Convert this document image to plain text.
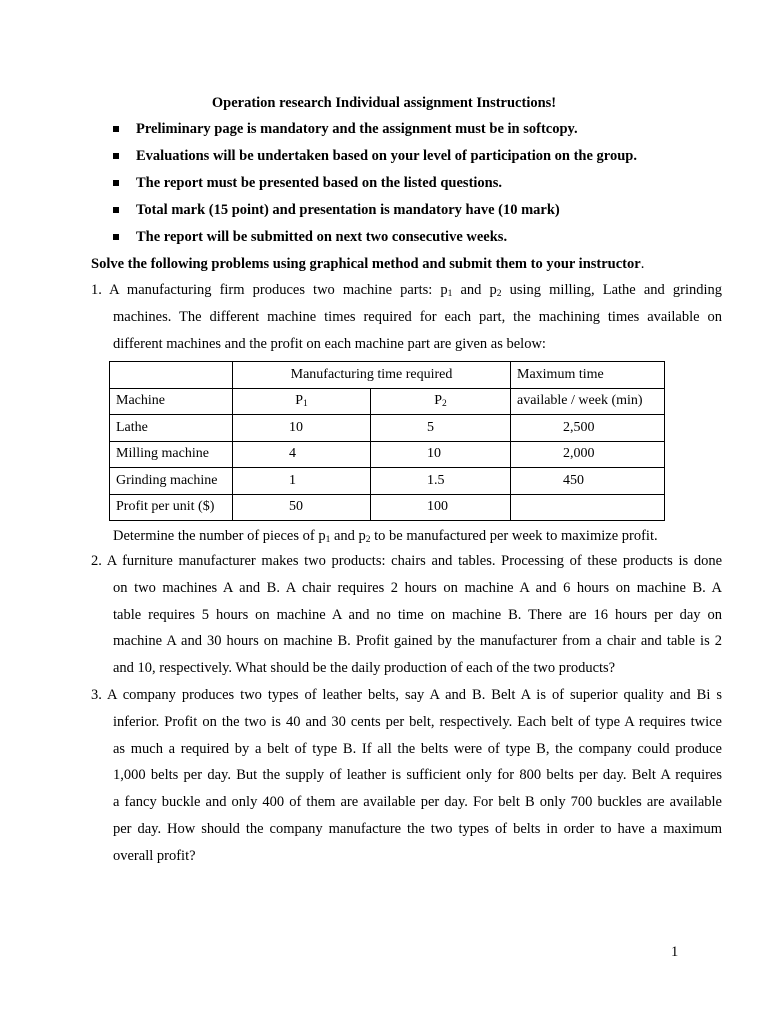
Operation research Individual assignment Instructions!
Preliminary page is mandatory and the assignment must be in softcopy.
Evaluations will be undertaken based on your level of participation on the group.
The report must be presented based on the listed questions.
Total mark (15 point) and presentation is mandatory have (10 mark)
The report will be submitted on next two consecutive weeks.
Solve the following problems using graphical method and submit them to your instructor.
1. A manufacturing firm produces two machine parts: $p_1$ and $p_2$ using milling, Lathe and grinding
machines. The different machine times required for each part, the machining times available on
different machines and the profit on each machine part are given as below:
	Manufacturing time required		Maximum time
Machine	$P_1$	$P_2$	available / week (min)
Lathe	10	5	2,500
Milling machine	4	10	2,000
Grinding machine	1	1.5	450
Profit per unit ($)	50	100	
Determine the number of pieces of $p_1$ and $p_2$ to be manufactured per week to maximize profit.
2. A furniture manufacturer makes two products: chairs and tables. Processing of these products is done
on two machines A and B. A chair requires 2 hours on machine A and 6 hours on machine B. A
table requires 5 hours on machine A and no time on machine B. There are 16 hours per day on
machine A and 30 hours on machine B. Profit gained by the manufacturer from a chair and table is 2
and 10, respectively. What should be the daily production of each of the two products?
3. A company produces two types of leather belts, say A and B. Belt A is of superior quality and Bi s
inferior. Profit on the two is 40 and 30 cents per belt, respectively. Each belt of type A requires twice
as much a required by a belt of type B. If all the belts were of type B, the company could produce
1,000 belts per day. But the supply of leather is sufficient only for 800 belts per day. Belt A requires
a fancy buckle and only 400 of them are available per day. For belt B only 700 buckles are available
per day. How should the company manufacture the two types of belts in order to have a maximum
overall profit?
1
